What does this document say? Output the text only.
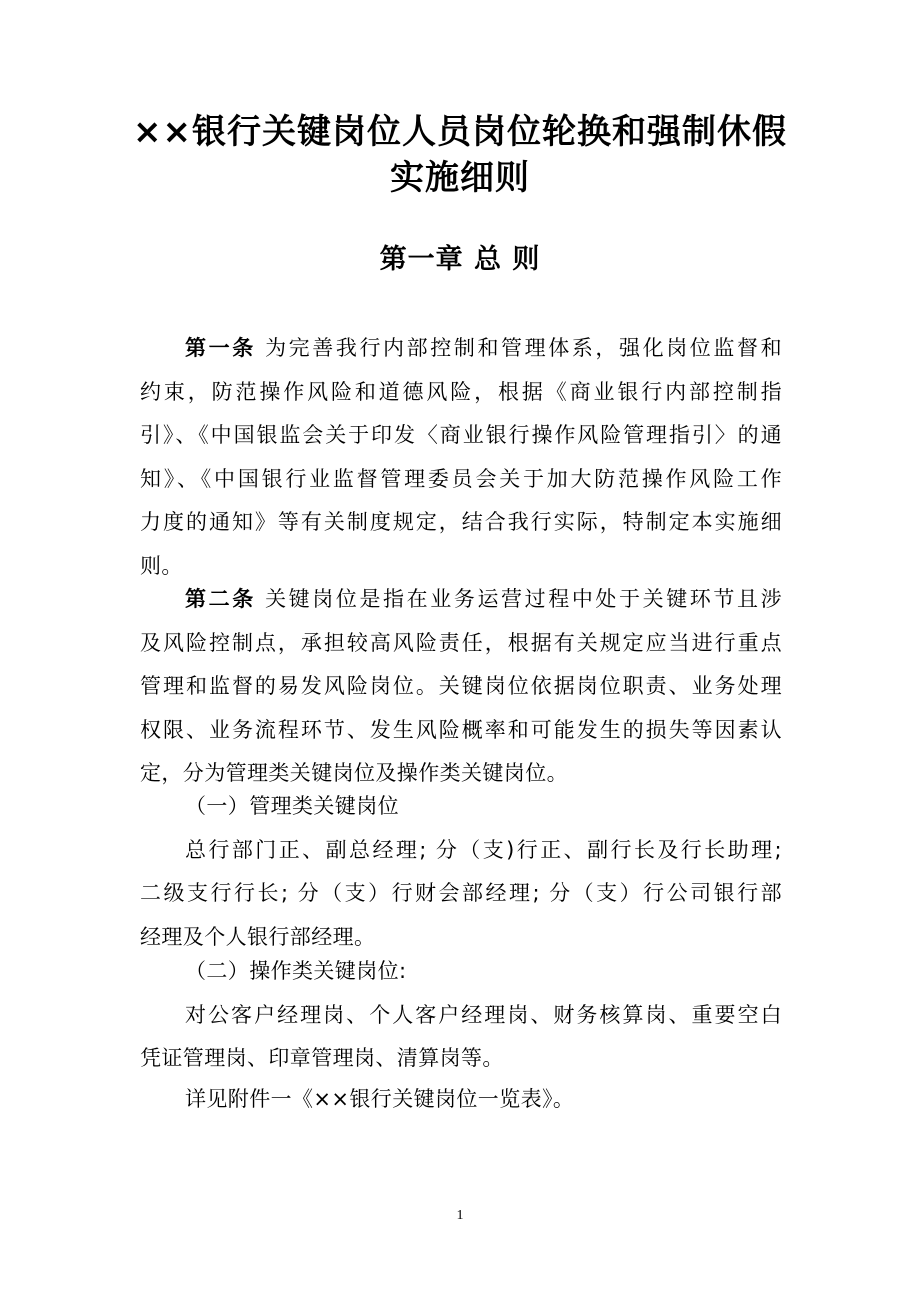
××银行关键岗位人员岗位轮换和强制休假
实施细则
第一章 总 则
第一条 为完善我行内部控制和管理体系，强化岗位监督和
约束，防范操作风险和道德风险，根据《商业银行内部控制指
引》、《中国银监会关于印发〈商业银行操作风险管理指引〉的通
知》、《中国银行业监督管理委员会关于加大防范操作风险工作
力度的通知》等有关制度规定，结合我行实际，特制定本实施细
则。
第二条 关键岗位是指在业务运营过程中处于关键环节且涉
及风险控制点，承担较高风险责任，根据有关规定应当进行重点
管理和监督的易发风险岗位。关键岗位依据岗位职责、业务处理
权限、业务流程环节、发生风险概率和可能发生的损失等因素认
定，分为管理类关键岗位及操作类关键岗位。
（一）管理类关键岗位
总行部门正、副总经理; 分（支)行正、副行长及行长助理;
二级支行行长; 分（支）行财会部经理; 分（支）行公司银行部
经理及个人银行部经理。
（二）操作类关键岗位:
对公客户经理岗、个人客户经理岗、财务核算岗、重要空白
凭证管理岗、印章管理岗、清算岗等。
详见附件一《××银行关键岗位一览表》。

1
